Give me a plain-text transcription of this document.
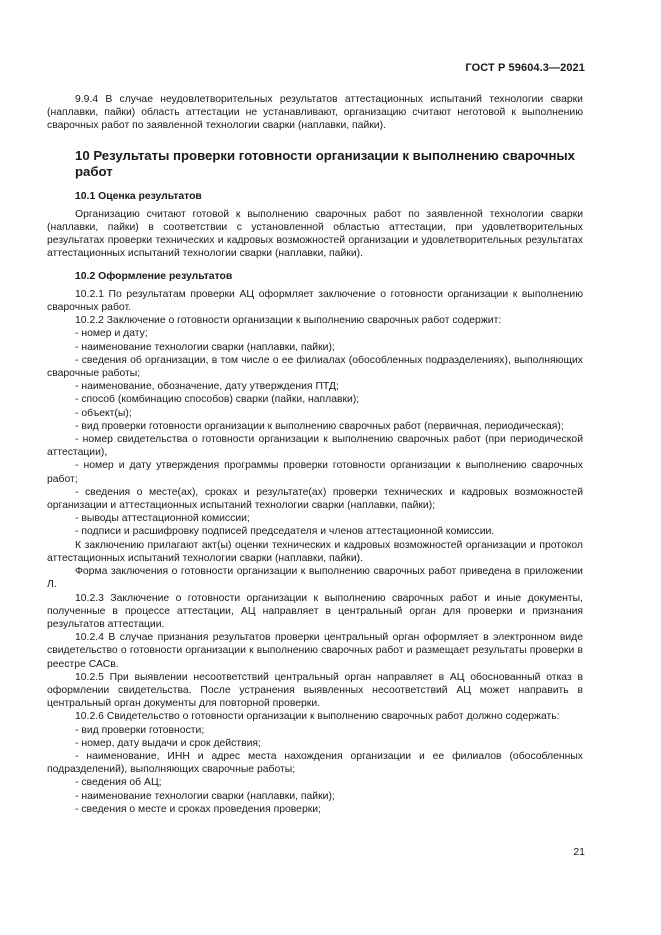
ГОСТ Р 59604.3—2021

9.9.4 В случае неудовлетворительных результатов аттестационных испытаний технологии сварки (наплавки, пайки) область аттестации не устанавливают, организацию считают неготовой к выполнению сварочных работ по заявленной технологии сварки (наплавки, пайки).

10 Результаты проверки готовности организации к выполнению сварочных работ
10.1 Оценка результатов

Организацию считают готовой к выполнению сварочных работ по заявленной технологии сварки (наплавки, пайки) в соответствии с установленной областью аттестации, при удовлетворительных результатах проверки технических и кадровых возможностей организации и удовлетворительных результатах аттестационных испытаний технологии сварки (наплавки, пайки).

10.2 Оформление результатов

10.2.1 По результатам проверки АЦ оформляет заключение о готовности организации к выполнению сварочных работ.

10.2.2 Заключение о готовности организации к выполнению сварочных работ содержит:

- номер и дату;

- наименование технологии сварки (наплавки, пайки);

- сведения об организации, в том числе о ее филиалах (обособленных подразделениях), выполняющих сварочные работы;

- наименование, обозначение, дату утверждения ПТД;

- способ (комбинацию способов) сварки (пайки, наплавки);

- объект(ы);

- вид проверки готовности организации к выполнению сварочных работ (первичная, периодическая);

- номер свидетельства о готовности организации к выполнению сварочных работ (при периодической аттестации),

- номер и дату утверждения программы проверки готовности организации к выполнению сварочных работ;

- сведения о месте(ах), сроках и результате(ах) проверки технических и кадровых возможностей организации и аттестационных испытаний технологии сварки (наплавки, пайки);

- выводы аттестационной комиссии;

- подписи и расшифровку подписей председателя и членов аттестационной комиссии.

К заключению прилагают акт(ы) оценки технических и кадровых возможностей организации и протокол аттестационных испытаний технологии сварки (наплавки, пайки).

Форма заключения о готовности организации к выполнению сварочных работ приведена в приложении Л.

10.2.3 Заключение о готовности организации к выполнению сварочных работ и иные документы, полученные в процессе аттестации, АЦ направляет в центральный орган для проверки и признания результатов аттестации.

10.2.4 В случае признания результатов проверки центральный орган оформляет в электронном виде свидетельство о готовности организации к выполнению сварочных работ и размещает результаты проверки в реестре САСв.

10.2.5 При выявлении несоответствий центральный орган направляет в АЦ обоснованный отказ в оформлении свидетельства. После устранения выявленных несоответствий АЦ может направить в центральный орган документы для повторной проверки.

10.2.6 Свидетельство о готовности организации к выполнению сварочных работ должно содержать:

- вид проверки готовности;

- номер, дату выдачи и срок действия;

- наименование, ИНН и адрес места нахождения организации и ее филиалов (обособленных подразделений), выполняющих сварочные работы;

- сведения об АЦ;

- наименование технологии сварки (наплавки, пайки);

- сведения о месте и сроках проведения проверки;

21
